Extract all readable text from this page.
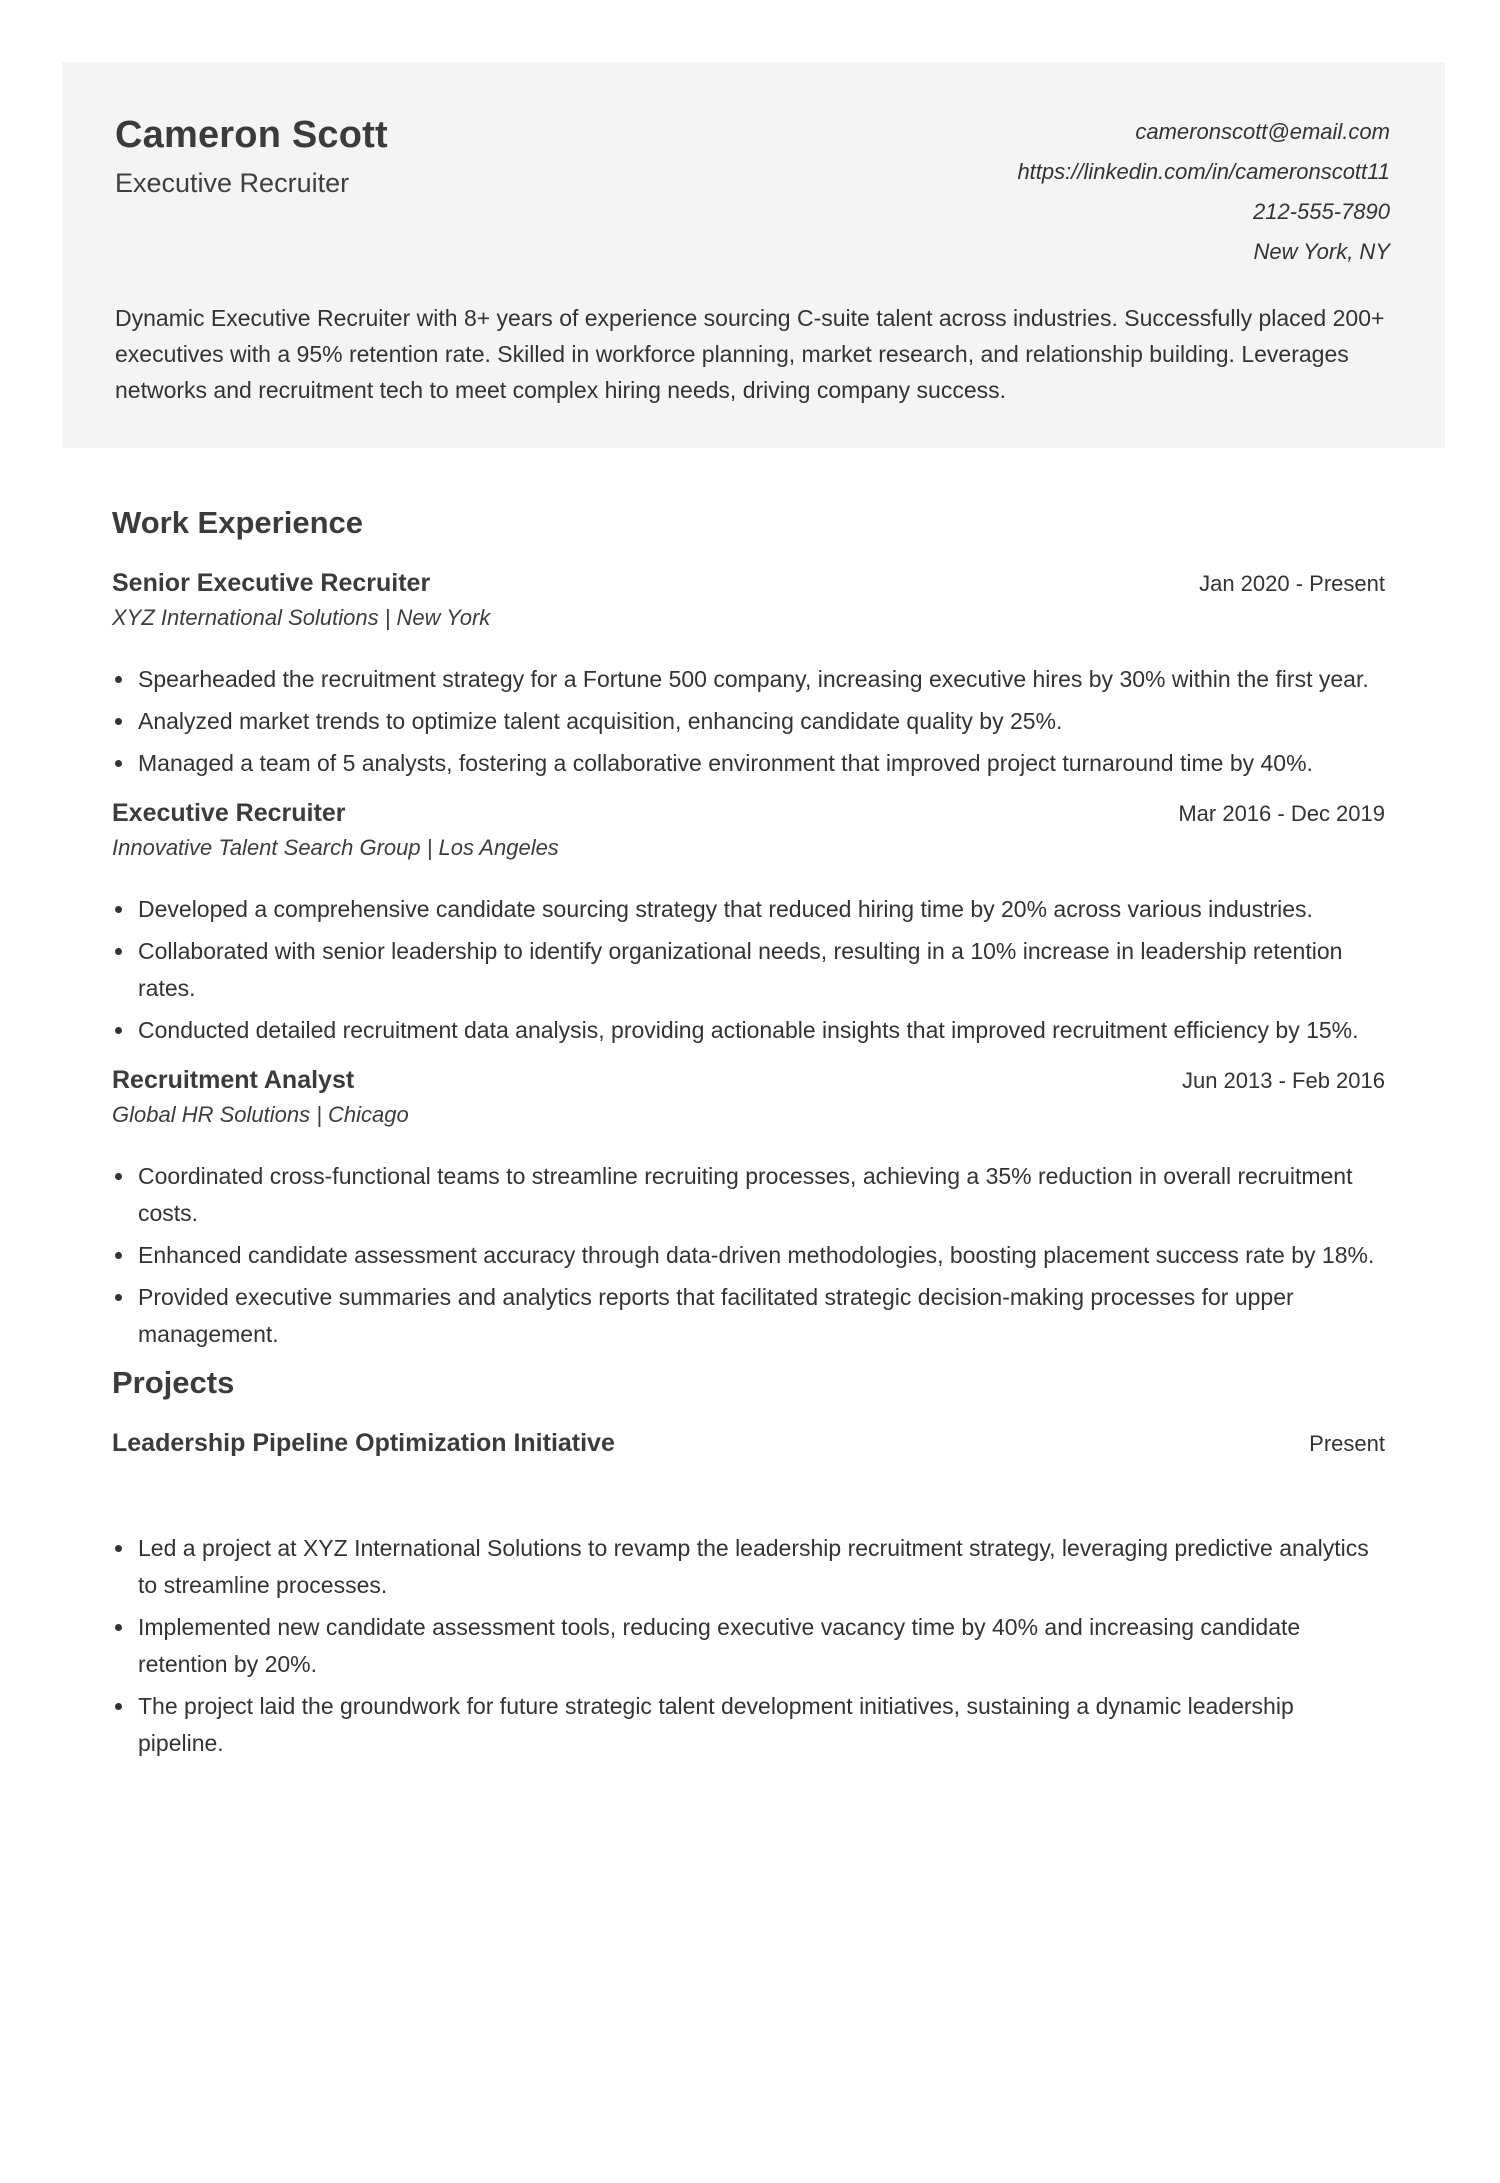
Cameron Scott
Executive Recruiter
cameronscott@email.com
https://linkedin.com/in/cameronscott11
212-555-7890
New York, NY

Dynamic Executive Recruiter with 8+ years of experience sourcing C-suite talent across industries. Successfully placed 200+ executives with a 95% retention rate. Skilled in workforce planning, market research, and relationship building. Leverages networks and recruitment tech to meet complex hiring needs, driving company success.

Work Experience
Senior Executive Recruiter	Jan 2020 - Present
XYZ International Solutions | New York
Spearheaded the recruitment strategy for a Fortune 500 company, increasing executive hires by 30% within the first year.
Analyzed market trends to optimize talent acquisition, enhancing candidate quality by 25%.
Managed a team of 5 analysts, fostering a collaborative environment that improved project turnaround time by 40%.
Executive Recruiter	Mar 2016 - Dec 2019
Innovative Talent Search Group | Los Angeles
Developed a comprehensive candidate sourcing strategy that reduced hiring time by 20% across various industries.
Collaborated with senior leadership to identify organizational needs, resulting in a 10% increase in leadership retention rates.
Conducted detailed recruitment data analysis, providing actionable insights that improved recruitment efficiency by 15%.
Recruitment Analyst	Jun 2013 - Feb 2016
Global HR Solutions | Chicago
Coordinated cross-functional teams to streamline recruiting processes, achieving a 35% reduction in overall recruitment costs.
Enhanced candidate assessment accuracy through data-driven methodologies, boosting placement success rate by 18%.
Provided executive summaries and analytics reports that facilitated strategic decision-making processes for upper management.
Projects
Leadership Pipeline Optimization Initiative	Present
Led a project at XYZ International Solutions to revamp the leadership recruitment strategy, leveraging predictive analytics to streamline processes.
Implemented new candidate assessment tools, reducing executive vacancy time by 40% and increasing candidate retention by 20%.
The project laid the groundwork for future strategic talent development initiatives, sustaining a dynamic leadership pipeline.
